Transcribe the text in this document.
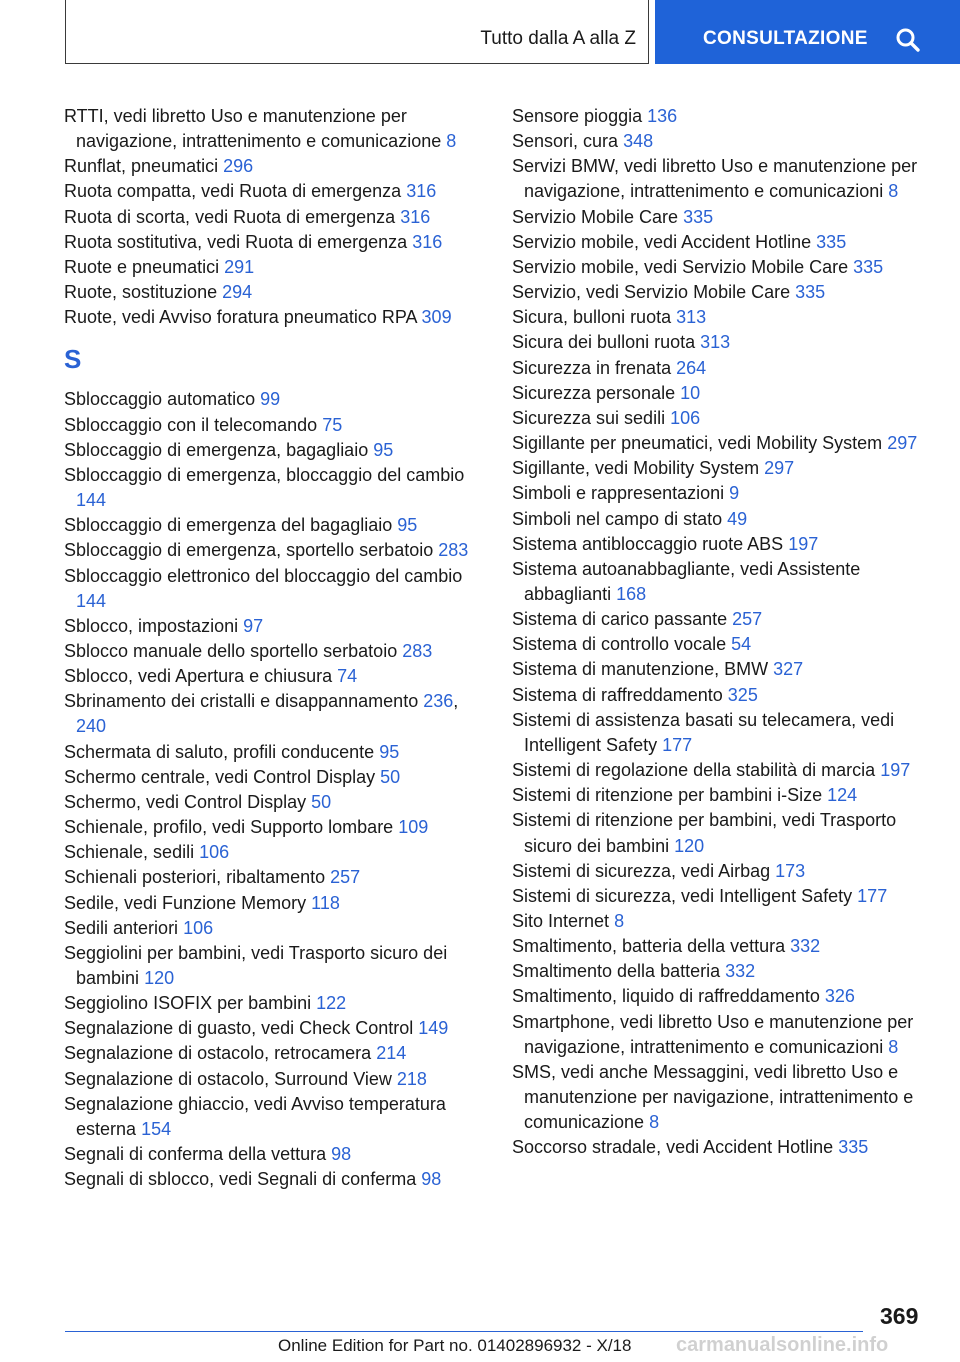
Tutto dalla A alla Z	CONSULTAZIONE
RTTI, vedi libretto Uso e manutenzione per navigazione, intrattenimento e comunicazione 8
Runflat, pneumatici 296
Ruota compatta, vedi Ruota di emergenza 316
Ruota di scorta, vedi Ruota di emergenza 316
Ruota sostitutiva, vedi Ruota di emergenza 316
Ruote e pneumatici 291
Ruote, sostituzione 294
Ruote, vedi Avviso foratura pneumatico RPA 309
S
Sbloccaggio automatico 99
Sbloccaggio con il telecomando 75
Sbloccaggio di emergenza, bagagliaio 95
Sbloccaggio di emergenza, bloccaggio del cambio 144
Sbloccaggio di emergenza del bagagliaio 95
Sbloccaggio di emergenza, sportello serbatoio 283
Sbloccaggio elettronico del bloccaggio del cambio 144
Sblocco, impostazioni 97
Sblocco manuale dello sportello serbatoio 283
Sblocco, vedi Apertura e chiusura 74
Sbrinamento dei cristalli e disappannamento 236, 240
Schermata di saluto, profili conducente 95
Schermo centrale, vedi Control Display 50
Schermo, vedi Control Display 50
Schienale, profilo, vedi Supporto lombare 109
Schienale, sedili 106
Schienali posteriori, ribaltamento 257
Sedile, vedi Funzione Memory 118
Sedili anteriori 106
Seggiolini per bambini, vedi Trasporto sicuro dei bambini 120
Seggiolino ISOFIX per bambini 122
Segnalazione di guasto, vedi Check Control 149
Segnalazione di ostacolo, retrocamera 214
Segnalazione di ostacolo, Surround View 218
Segnalazione ghiaccio, vedi Avviso temperatura esterna 154
Segnali di conferma della vettura 98
Segnali di sblocco, vedi Segnali di conferma 98
Sensore pioggia 136
Sensori, cura 348
Servizi BMW, vedi libretto Uso e manutenzione per navigazione, intrattenimento e comunicazioni 8
Servizio Mobile Care 335
Servizio mobile, vedi Accident Hotline 335
Servizio mobile, vedi Servizio Mobile Care 335
Servizio, vedi Servizio Mobile Care 335
Sicura, bulloni ruota 313
Sicura dei bulloni ruota 313
Sicurezza in frenata 264
Sicurezza personale 10
Sicurezza sui sedili 106
Sigillante per pneumatici, vedi Mobility System 297
Sigillante, vedi Mobility System 297
Simboli e rappresentazioni 9
Simboli nel campo di stato 49
Sistema antibloccaggio ruote ABS 197
Sistema autoanabbagliante, vedi Assistente abbaglianti 168
Sistema di carico passante 257
Sistema di controllo vocale 54
Sistema di manutenzione, BMW 327
Sistema di raffreddamento 325
Sistemi di assistenza basati su telecamera, vedi Intelligent Safety 177
Sistemi di regolazione della stabilità di marcia 197
Sistemi di ritenzione per bambini i-Size 124
Sistemi di ritenzione per bambini, vedi Trasporto sicuro dei bambini 120
Sistemi di sicurezza, vedi Airbag 173
Sistemi di sicurezza, vedi Intelligent Safety 177
Sito Internet 8
Smaltimento, batteria della vettura 332
Smaltimento della batteria 332
Smaltimento, liquido di raffreddamento 326
Smartphone, vedi libretto Uso e manutenzione per navigazione, intrattenimento e comunicazioni 8
SMS, vedi anche Messaggini, vedi libretto Uso e manutenzione per navigazione, intrattenimento e comunicazione 8
Soccorso stradale, vedi Accident Hotline 335
369
Online Edition for Part no. 01402896932 - X/18 carmanualsonline.info
